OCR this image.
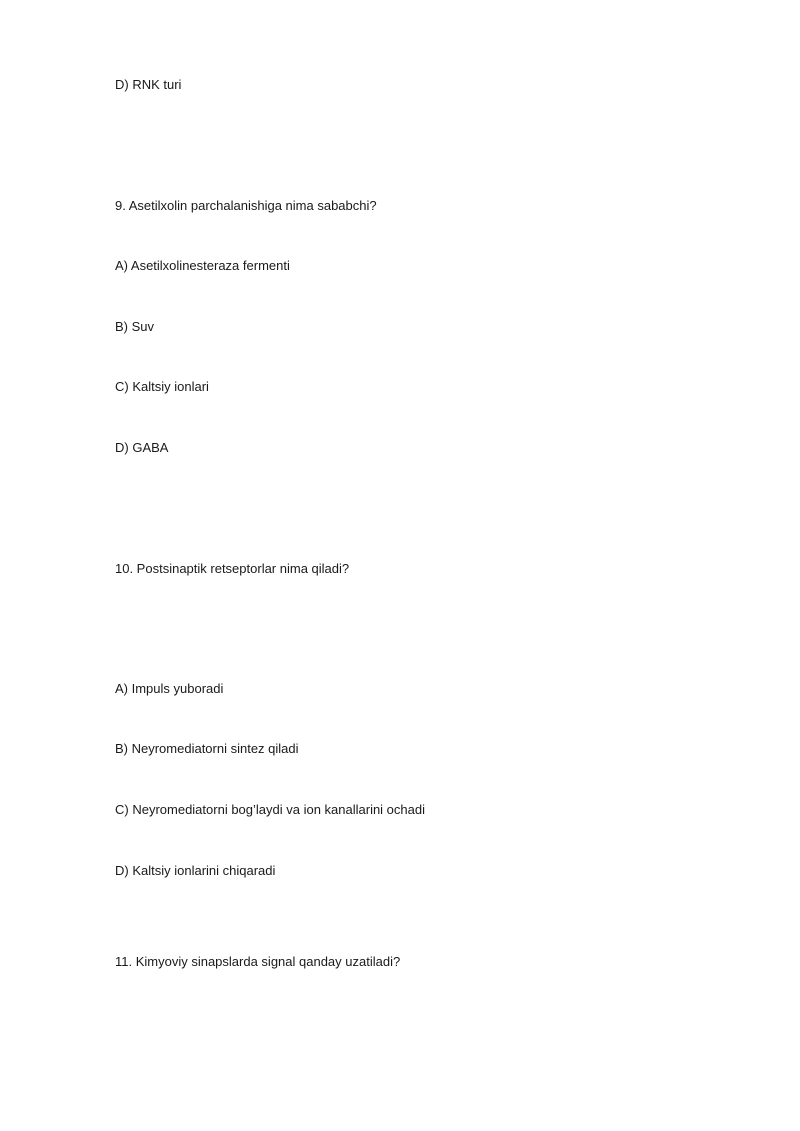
D) RNK turi
9. Asetilxolin parchalanishiga nima sababchi?
A) Asetilxolinesteraza fermenti
B) Suv
C) Kaltsiy ionlari
D) GABA
10. Postsinaptik retseptorlar nima qiladi?
A) Impuls yuboradi
B) Neyromediatorni sintez qiladi
C) Neyromediatorni bog’laydi va ion kanallarini ochadi
D) Kaltsiy ionlarini chiqaradi
11. Kimyoviy sinapslarda signal qanday uzatiladi?
